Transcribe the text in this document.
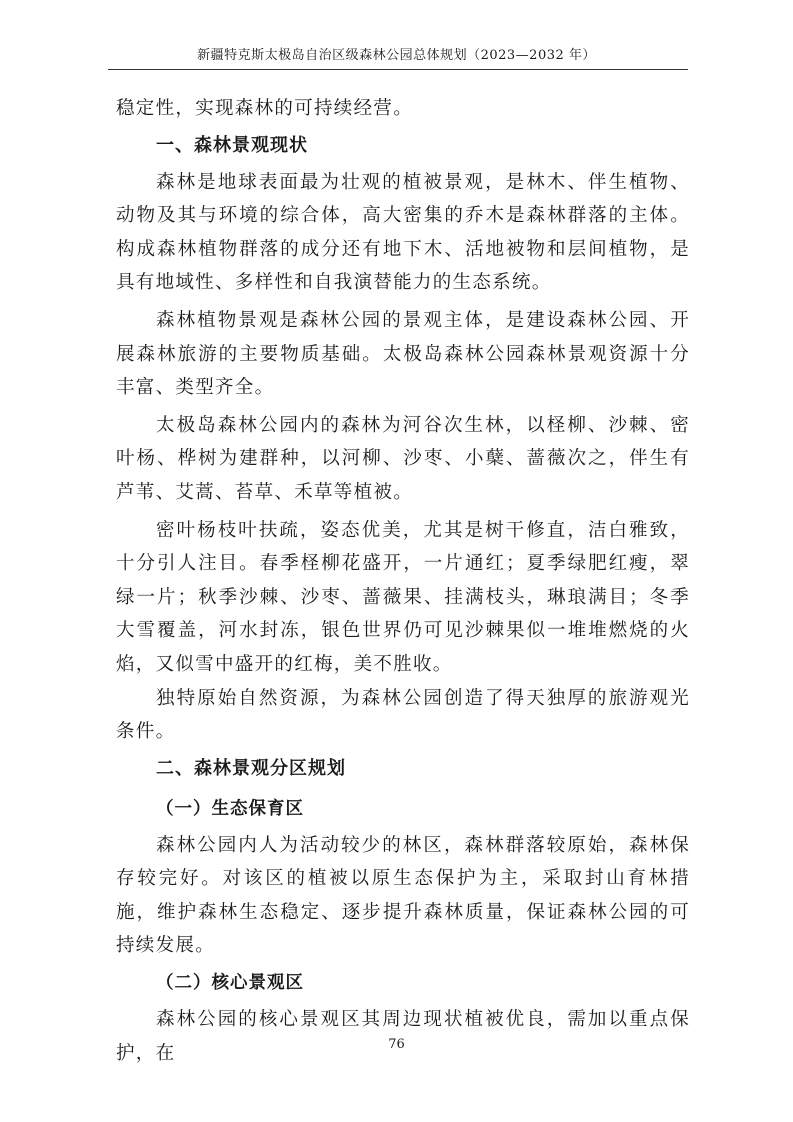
新疆特克斯太极岛自治区级森林公园总体规划（2023—2032 年）

稳定性，实现森林的可持续经营。

一、森林景观现状

森林是地球表面最为壮观的植被景观，是林木、伴生植物、动物及其与环境的综合体，高大密集的乔木是森林群落的主体。构成森林植物群落的成分还有地下木、活地被物和层间植物，是具有地域性、多样性和自我演替能力的生态系统。

森林植物景观是森林公园的景观主体，是建设森林公园、开展森林旅游的主要物质基础。太极岛森林公园森林景观资源十分丰富、类型齐全。

太极岛森林公园内的森林为河谷次生林，以柽柳、沙棘、密叶杨、桦树为建群种，以河柳、沙枣、小蘖、蔷薇次之，伴生有芦苇、艾蒿、苔草、禾草等植被。

密叶杨枝叶扶疏，姿态优美，尤其是树干修直，洁白雅致，十分引人注目。春季柽柳花盛开，一片通红；夏季绿肥红瘦，翠绿一片；秋季沙棘、沙枣、蔷薇果、挂满枝头，琳琅满目；冬季大雪覆盖，河水封冻，银色世界仍可见沙棘果似一堆堆燃烧的火焰，又似雪中盛开的红梅，美不胜收。

独特原始自然资源，为森林公园创造了得天独厚的旅游观光条件。

二、森林景观分区规划
（一）生态保育区

森林公园内人为活动较少的林区，森林群落较原始，森林保存较完好。对该区的植被以原生态保护为主，采取封山育林措施，维护森林生态稳定、逐步提升森林质量，保证森林公园的可持续发展。

（二）核心景观区

森林公园的核心景观区其周边现状植被优良，需加以重点保护，在	76
